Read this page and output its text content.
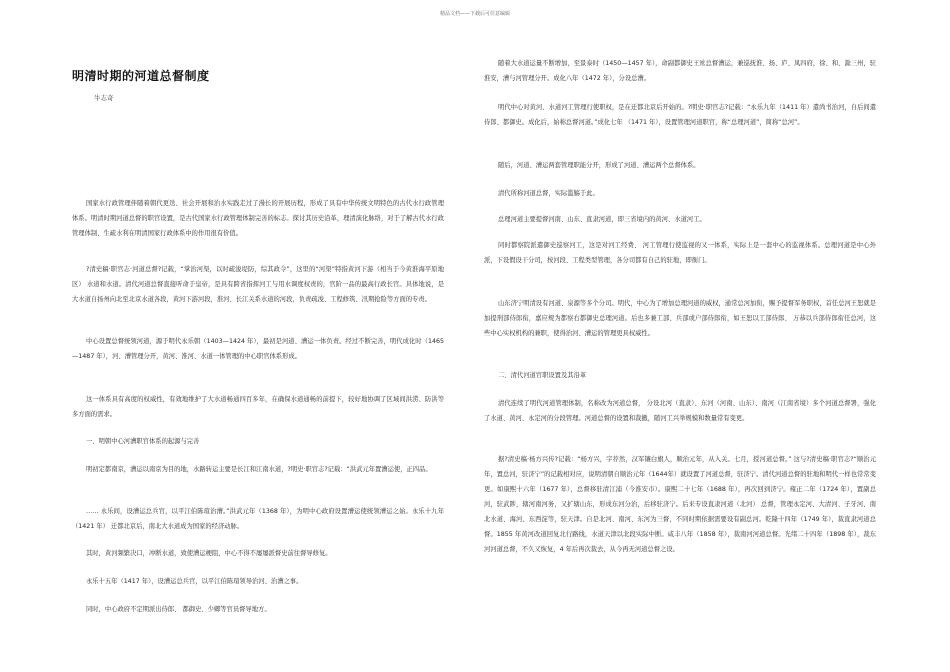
精品文档——下载后可任意编辑
明清时期的河道总督制度
牛志奇

国家水行政管理伴随着朝代更迭、社会开展和治水实践走过了漫长的开展历程，形成了具有中华传统文明特色的古代水行政管理体系。明清时期河道总督的职官设置，是古代国家水行政管理体制完善的标志。探讨其历史沿革，理清演化脉络，对于了解古代水行政管理体制、生疏水利在明清国家行政体系中的作用很有价值。

?清史稿·职官志·河道总督?记载，“掌治河渠，以时疏浚堤防，综其政令”，这里的“河渠”特指黄河下游（相当于今黄淮海平原地区） 水道和水道。清代河道总督直接听命于皇帝，是具有跨省指挥河工与用水调度权责的，官阶一品的最高行政长官。具体地说，是大水道自扬州向北至北京水道各段，黄河下游河段，淮河、长江关系水道的河段，负责疏浚、工程修筑、汛期抢险等方面的专责。

中心设置总督统领河道，源于明代永乐朝（1403—1424 年），最初是河道、漕运一体负责。经过不断完善，明代成化时（1465—1487 年），河、漕管理分开，黄河、淮河、水道一体管理的中心职官体系形成。

这一体系具有高度的权威性，有效地维护了大水道畅通四百多年，在确保水道通畅的前提下，较好地协调了区域间洪涝、防洪等多方面的需求。

一、明朝中心河漕职官体系的起源与完善

明初定都南京，漕运以南京为目的地，水路转运主要是长江和江南水道，?明史·职官志?记载：“洪武元年置漕运使，正四品。

…… 永乐间，设漕运总兵官，以平江伯陈瑄治漕。”洪武元年（1368 年），为明中心政府设置漕运使统领漕运之始。永乐十九年（1421 年） 迁都北京后，南北大水道成为国家的经济动脉。

其时，黄河频繁决口，冲断水道，致使漕运梗阻，中心不得不屡屡派督史前往督导修复。

永乐十五年（1417 年），设漕运总兵官，以平江伯陈瑄领导治河、治漕之事。

同时，中心政府不定期派出侍郎、 都御史、少卿等官员督导地方。

随着大水道运量不断增加，至景泰时（1450—1457 年），命副都御史王竑总督漕运，兼巡抚淮、扬、庐、凤四府，徐、和、滁三州，驻淮安，漕与河管理分开。成化八年（1472 年），分设总漕。

明代中心对黄河、水道河工管理行使职权，是在迁都北京后开始的。?明史·职官志?记载：“永乐九年（1411 年）遣尚书治河，自后间遣侍郎、都御史。成化后，始称总督河道。”成化七年 （1471 年），设置管理河道职官，称“总理河道”，简称“总河”。

随后，河道、漕运两套管理职能分开，形成了河道、漕运两个总督体系。

清代所称河道总督，实际滥觞于此。

总理河道主要提督河南、山东、直隶河道，即三省境内的黄河、水道河工。

同时都察院派遣御史巡察河工，这是对河工经费、 河工管理行使监视的又一体系，实际上是一套中心的监视体系。总理河道是中心外派，下设假设干分司，按河段、工程类型管理，各分司都有自己的驻地，即衙门。

山东济宁明清设有河道、泉源等多个分司。明代，中心为了增加总理河道的威权，通常总河加衔，赐予提督军务职权，首任总河王恕就是加提刑部侍郎衔，嘉应规为都察右都御史总理河道。后也多兼工部、兵部或户部侍郎衔，如王恕以工部侍郎、 万恭以兵部侍郎衔任总河，这些中心实权机构的兼职，使得治河、漕运的管理更具权威性。

二、清代河道官职设置及其沿革

清代连续了明代河道管理体制，名称改为河道总督， 分设北河（直隶）、东河（河南、山东）、南河（江南省境）多个河道总督署，强化了水道、黄河、永定河的分段管理。河道总督的设置和裁撤，随河工兴举规模和数量常有变更。

据?清史稿·杨方兴传?记载：“杨方兴，字荐然，汉军镶白旗人，顺治元年，从入关。七月，授河道总督。” 这与?清史稿·职官志?“顺治元年，置总河，驻济宁”的记载相对应，说明清朝自顺治元年（1644年）就设置了河道总督，驻济宁。清代河道总督的驻地和明代一样也常常变更。如康熙十六年（1677 年），总督移驻清江浦（今淮安市）。康熙二十七年（1688 年），再次回到济宁。雍正二年（1724 年），置副总河，驻武陟，辖河南河务，又扩辖山东，形成东河分治，后移驻济宁。后来专设直隶河道（北河） 总督，管理永定河、大清河、子牙河、南北水道、海河、东西淀等，驻天津。自是北河、南河、东河为三督，不同时期依据需要设有副总河。乾隆十四年（1749 年），裁直隶河道总督。1855 年黄河改道回复北行路线，水道天津以北段实际中断。咸丰八年（1858 年），裁南河河道总督。光绪二十四年（1898 年），裁东河河道总督，不久又恢复，4 年后再次裁去，从今再无河道总督之设。
